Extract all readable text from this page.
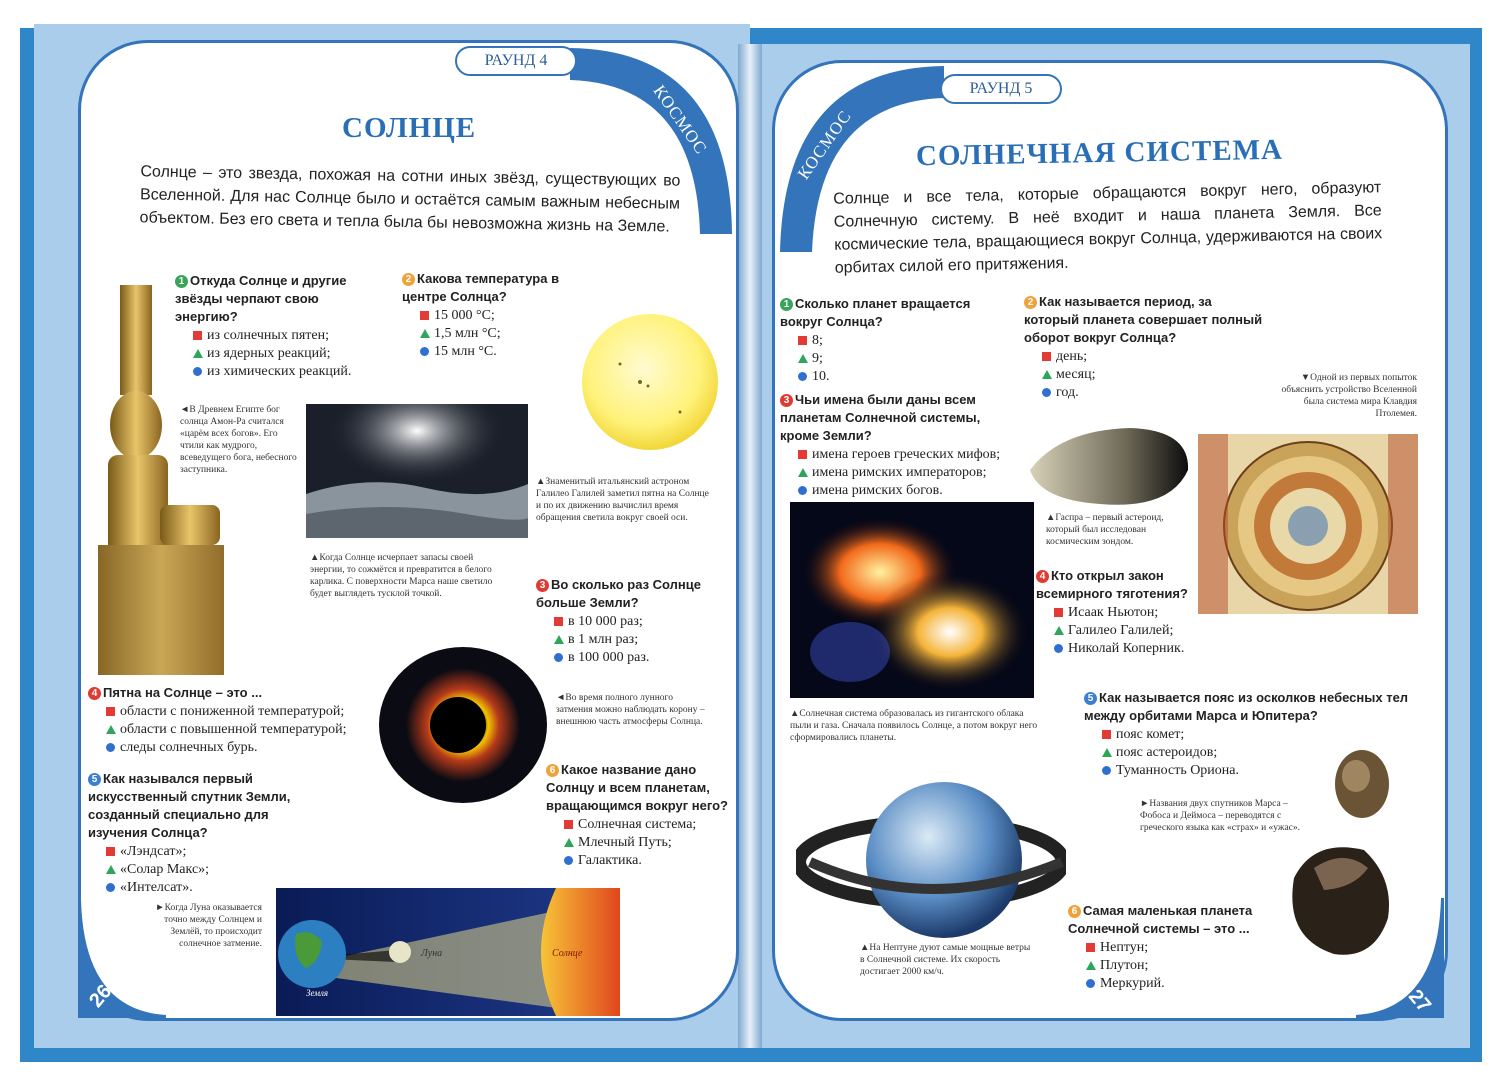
КОСМОС
РАУНД 4
СОЛНЦЕ
Солнце – это звезда, похожая на сотни иных звёзд, существующих во Вселенной. Для нас Солнце было и остаётся самым важным небесным объектом. Без его света и тепла была бы невозможна жизнь на Земле.
1 Откуда Солнце и другие звёзды черпают свою энергию?
из солнечных пятен;
из ядерных реакций;
из химических реакций.
2 Какова температура в центре Солнца?
15 000 °С;
1,5 млн °С;
15 млн °С.
◄В Древнем Египте бог солнца Амон-Ра считался «царём всех богов». Его чтили как мудрого, всеведущего бога, небесного заступника.
▲Когда Солнце исчерпает запасы своей энергии, то сожмётся и превратится в белого карлика. С поверхности Марса наше светило будет выглядеть тусклой точкой.
▲Знаменитый итальянский астроном Галилео Галилей заметил пятна на Солнце и по их движению вычислил время обращения светила вокруг своей оси.
3 Во сколько раз Солнце больше Земли?
в 10 000 раз;
в 1 млн раз;
в 100 000 раз.
◄Во время полного лунного затмения можно наблюдать корону – внешнюю часть атмосферы Солнца.
4 Пятна на Солнце – это ...
области с пониженной температурой;
области с повышенной температурой;
следы солнечных бурь.
5 Как назывался первый искусственный спутник Земли, созданный специально для изучения Солнца?
«Лэндсат»;
«Солар Макс»;
«Интелсат».
6 Какое название дано Солнцу и всем планетам, вращающимся вокруг него?
Солнечная система;
Млечный Путь;
Галактика.
►Когда Луна оказывается точно между Солнцем и Землёй, то происходит солнечное затмение.
Луна	Солнце
Земля
26
КОСМОС
РАУНД 5
СОЛНЕЧНАЯ СИСТЕМА
Солнце и все тела, которые обращаются вокруг него, образуют Солнечную систему. В неё входит и наша планета Земля. Все космические тела, вращающиеся вокруг Солнца, удерживаются на своих орбитах силой его притяжения.
1 Сколько планет вращается вокруг Солнца?
8;
9;
10.
2 Как называется период, за который планета совершает полный оборот вокруг Солнца?
день;
месяц;
год.
▼Одной из первых попыток объяснить устройство Вселенной была система мира Клавдия Птолемея.
3 Чьи имена были даны всем планетам Солнечной системы, кроме Земли?
имена героев греческих мифов;
имена римских императоров;
имена римских богов.
▲Гаспра – первый астероид, который был исследован космическим зондом.
▲Солнечная система образовалась из гигантского облака пыли и газа. Сначала появилось Солнце, а потом вокруг него сформировались планеты.
4 Кто открыл закон всемирного тяготения?
Исаак Ньютон;
Галилео Галилей;
Николай Коперник.
5 Как называется пояс из осколков небесных тел между орбитами Марса и Юпитера?
пояс комет;
пояс астероидов;
Туманность Ориона.
►Названия двух спутников Марса – Фобоса и Деймоса – переводятся с греческого языка как «страх» и «ужас».
▲На Нептуне дуют самые мощные ветры в Солнечной системе. Их скорость достигает 2000 км/ч.
6 Самая маленькая планета Солнечной системы – это ...
Нептун;
Плутон;
Меркурий.
27
